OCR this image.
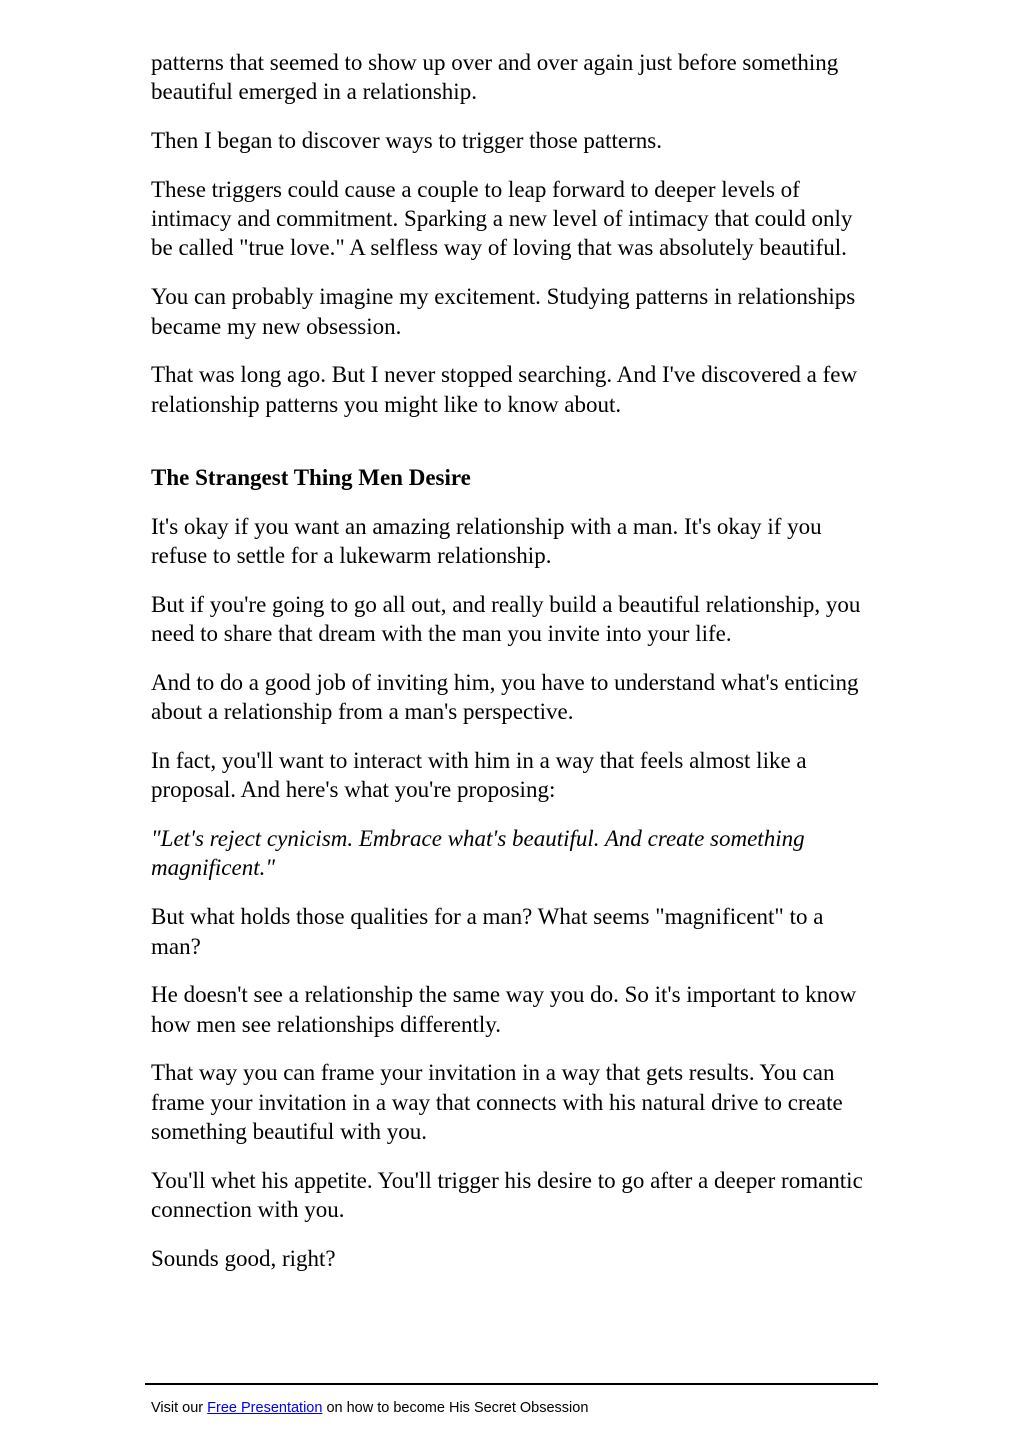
patterns that seemed to show up over and over again just before something beautiful emerged in a relationship.

Then I began to discover ways to trigger those patterns.

These triggers could cause a couple to leap forward to deeper levels of intimacy and commitment. Sparking a new level of intimacy that could only be called "true love." A selfless way of loving that was absolutely beautiful.

You can probably imagine my excitement. Studying patterns in relationships became my new obsession.

That was long ago. But I never stopped searching. And I've discovered a few relationship patterns you might like to know about.

The Strangest Thing Men Desire

It's okay if you want an amazing relationship with a man. It's okay if you refuse to settle for a lukewarm relationship.

But if you're going to go all out, and really build a beautiful relationship, you need to share that dream with the man you invite into your life.

And to do a good job of inviting him, you have to understand what's enticing about a relationship from a man's perspective.

In fact, you'll want to interact with him in a way that feels almost like a proposal. And here's what you're proposing:

"Let's reject cynicism. Embrace what's beautiful. And create something magnificent."

But what holds those qualities for a man? What seems "magnificent" to a man?

He doesn't see a relationship the same way you do. So it's important to know how men see relationships differently.

That way you can frame your invitation in a way that gets results. You can frame your invitation in a way that connects with his natural drive to create something beautiful with you.

You'll whet his appetite. You'll trigger his desire to go after a deeper romantic connection with you.

Sounds good, right?

Visit our Free Presentation on how to become His Secret Obsession
